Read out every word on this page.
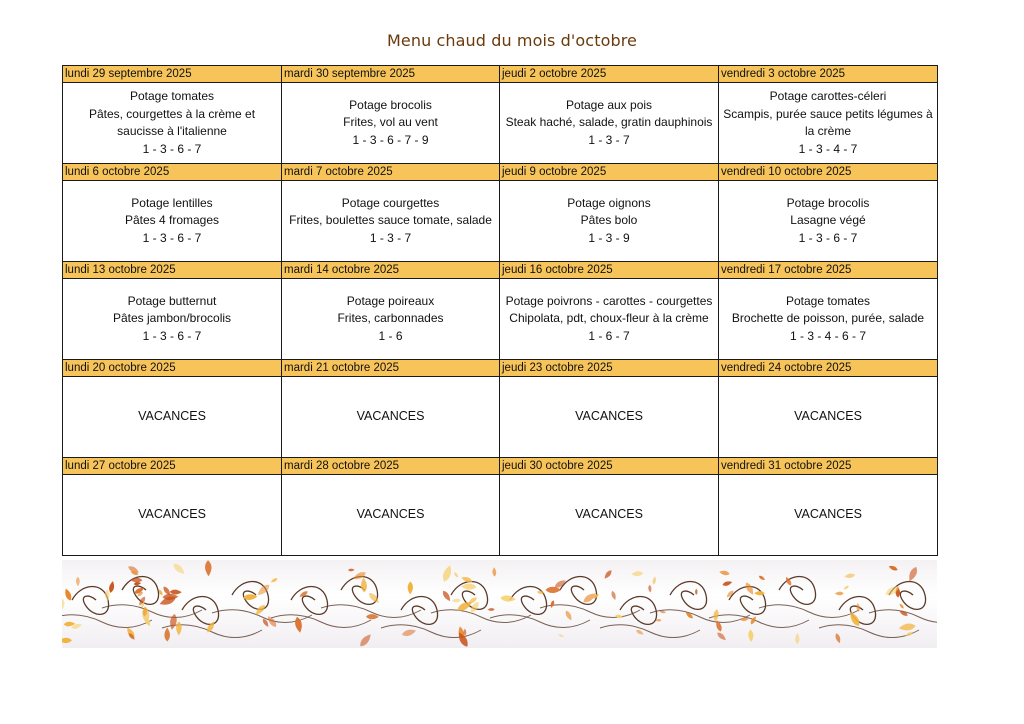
Menu chaud du mois d'octobre
lundi 29 septembre 2025	mardi 30 septembre 2025	jeudi 2 octobre 2025	vendredi 3 octobre 2025

Potage tomates
Pâtes, courgettes à la crème et
saucisse à l'italienne
1 - 3 - 6 - 7	Potage brocolis
Frites, vol au vent
1 - 3 - 6 - 7 - 9	Potage aux pois
Steak haché, salade, gratin dauphinois
1 - 3 - 7	Potage carottes-céleri
Scampis, purée sauce petits légumes à
la crème
1 - 3 - 4 - 7

lundi 6 octobre 2025	mardi 7 octobre 2025	jeudi 9 octobre 2025	vendredi 10 octobre 2025

Potage lentilles
Pâtes 4 fromages
1 - 3 - 6 - 7	Potage courgettes
Frites, boulettes sauce tomate, salade
1 - 3 - 7	Potage oignons
Pâtes bolo
1 - 3 - 9	Potage brocolis
Lasagne végé
1 - 3 - 6 - 7

lundi 13 octobre 2025	mardi 14 octobre 2025	jeudi 16 octobre 2025	vendredi 17 octobre 2025

Potage butternut
Pâtes jambon/brocolis
1 - 3 - 6 - 7	Potage poireaux
Frites, carbonnades
1 - 6	Potage poivrons - carottes - courgettes
Chipolata, pdt, choux-fleur à la crème
1 - 6 - 7	Potage tomates
Brochette de poisson, purée, salade
1 - 3 - 4 - 6 - 7

lundi 20 octobre 2025	mardi 21 octobre 2025	jeudi 23 octobre 2025	vendredi 24 octobre 2025

VACANCES	VACANCES	VACANCES	VACANCES

lundi 27 octobre 2025	mardi 28 octobre 2025	jeudi 30 octobre 2025	vendredi 31 octobre 2025

VACANCES	VACANCES	VACANCES	VACANCES
